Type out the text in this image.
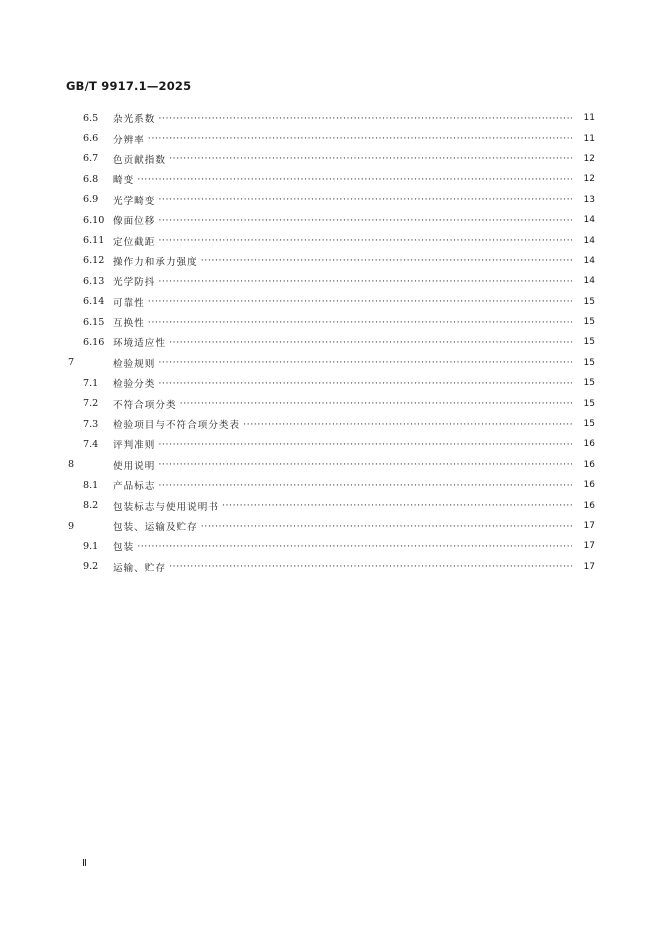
GB/T 9917.1—2025
6.5	杂光系数 ·····	11
6.6	分辨率 ·····	11
6.7	色贡献指数 ·····	12
6.8	畸变 ·····	12
6.9	光学畸变 ·····	13
6.10 像面位移 ·····	14
6.11 定位截距 ·····	14
6.12 操作力和承力强度 ·····	14
6.13 光学防抖 ·····	14
6.14 可靠性 ·····	15
6.15 互换性 ·····	15
6.16 环境适应性 ·····	15
7	检验规则 ·····	15
7.1	检验分类 ·····	15
7.2	不符合项分类 ·····	15
7.3	检验项目与不符合项分类表 ·····	15
7.4	评判准则 ·····	16
8	使用说明 ·····	16
8.1	产品标志 ·····	16
8.2	包装标志与使用说明书 ·····	16
9	包装、运输及贮存 ·····	17
9.1	包装 ·····	17
9.2	运输、贮存 ·····	17
Ⅱ
